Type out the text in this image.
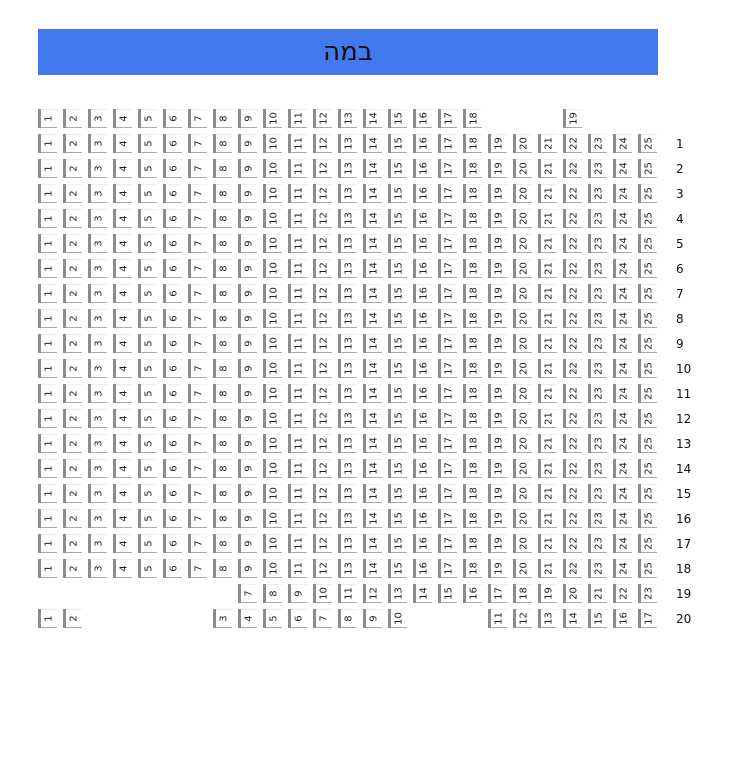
במה
1	2	3	4	5	6	7	8	9	10	11	12	13	14	15	16	17	18	19
1	2	3	4	5	6	7	8	9	10	11	12	13	14	15	16	17	18	19	20	21	22	23	24	25	1
1	2	3	4	5	6	7	8	9	10	11	12	13	14	15	16	17	18	19	20	21	22	23	24	25	2
1	2	3	4	5	6	7	8	9	10	11	12	13	14	15	16	17	18	19	20	21	22	23	24	25	3
1	2	3	4	5	6	7	8	9	10	11	12	13	14	15	16	17	18	19	20	21	22	23	24	25	4
1	2	3	4	5	6	7	8	9	10	11	12	13	14	15	16	17	18	19	20	21	22	23	24	25	5
1	2	3	4	5	6	7	8	9	10	11	12	13	14	15	16	17	18	19	20	21	22	23	24	25	6
1	2	3	4	5	6	7	8	9	10	11	12	13	14	15	16	17	18	19	20	21	22	23	24	25	7
1	2	3	4	5	6	7	8	9	10	11	12	13	14	15	16	17	18	19	20	21	22	23	24	25	8
1	2	3	4	5	6	7	8	9	10	11	12	13	14	15	16	17	18	19	20	21	22	23	24	25	9
1	2	3	4	5	6	7	8	9	10	11	12	13	14	15	16	17	18	19	20	21	22	23	24	25	10
1	2	3	4	5	6	7	8	9	10	11	12	13	14	15	16	17	18	19	20	21	22	23	24	25	11
1	2	3	4	5	6	7	8	9	10	11	12	13	14	15	16	17	18	19	20	21	22	23	24	25	12
1	2	3	4	5	6	7	8	9	10	11	12	13	14	15	16	17	18	19	20	21	22	23	24	25	13
1	2	3	4	5	6	7	8	9	10	11	12	13	14	15	16	17	18	19	20	21	22	23	24	25	14
1	2	3	4	5	6	7	8	9	10	11	12	13	14	15	16	17	18	19	20	21	22	23	24	25	15
1	2	3	4	5	6	7	8	9	10	11	12	13	14	15	16	17	18	19	20	21	22	23	24	25	16
1	2	3	4	5	6	7	8	9	10	11	12	13	14	15	16	17	18	19	20	21	22	23	24	25	17
1	2	3	4	5	6	7	8	9	10	11	12	13	14	15	16	17	18	19	20	21	22	23	24	25	18
7	8	9	10	11	12	13	14	15	16	17	18	19	20	21	22	23	19
1	2	3	4	5	6	7	8	9	10	11	12	13	14	15	16	17	20
